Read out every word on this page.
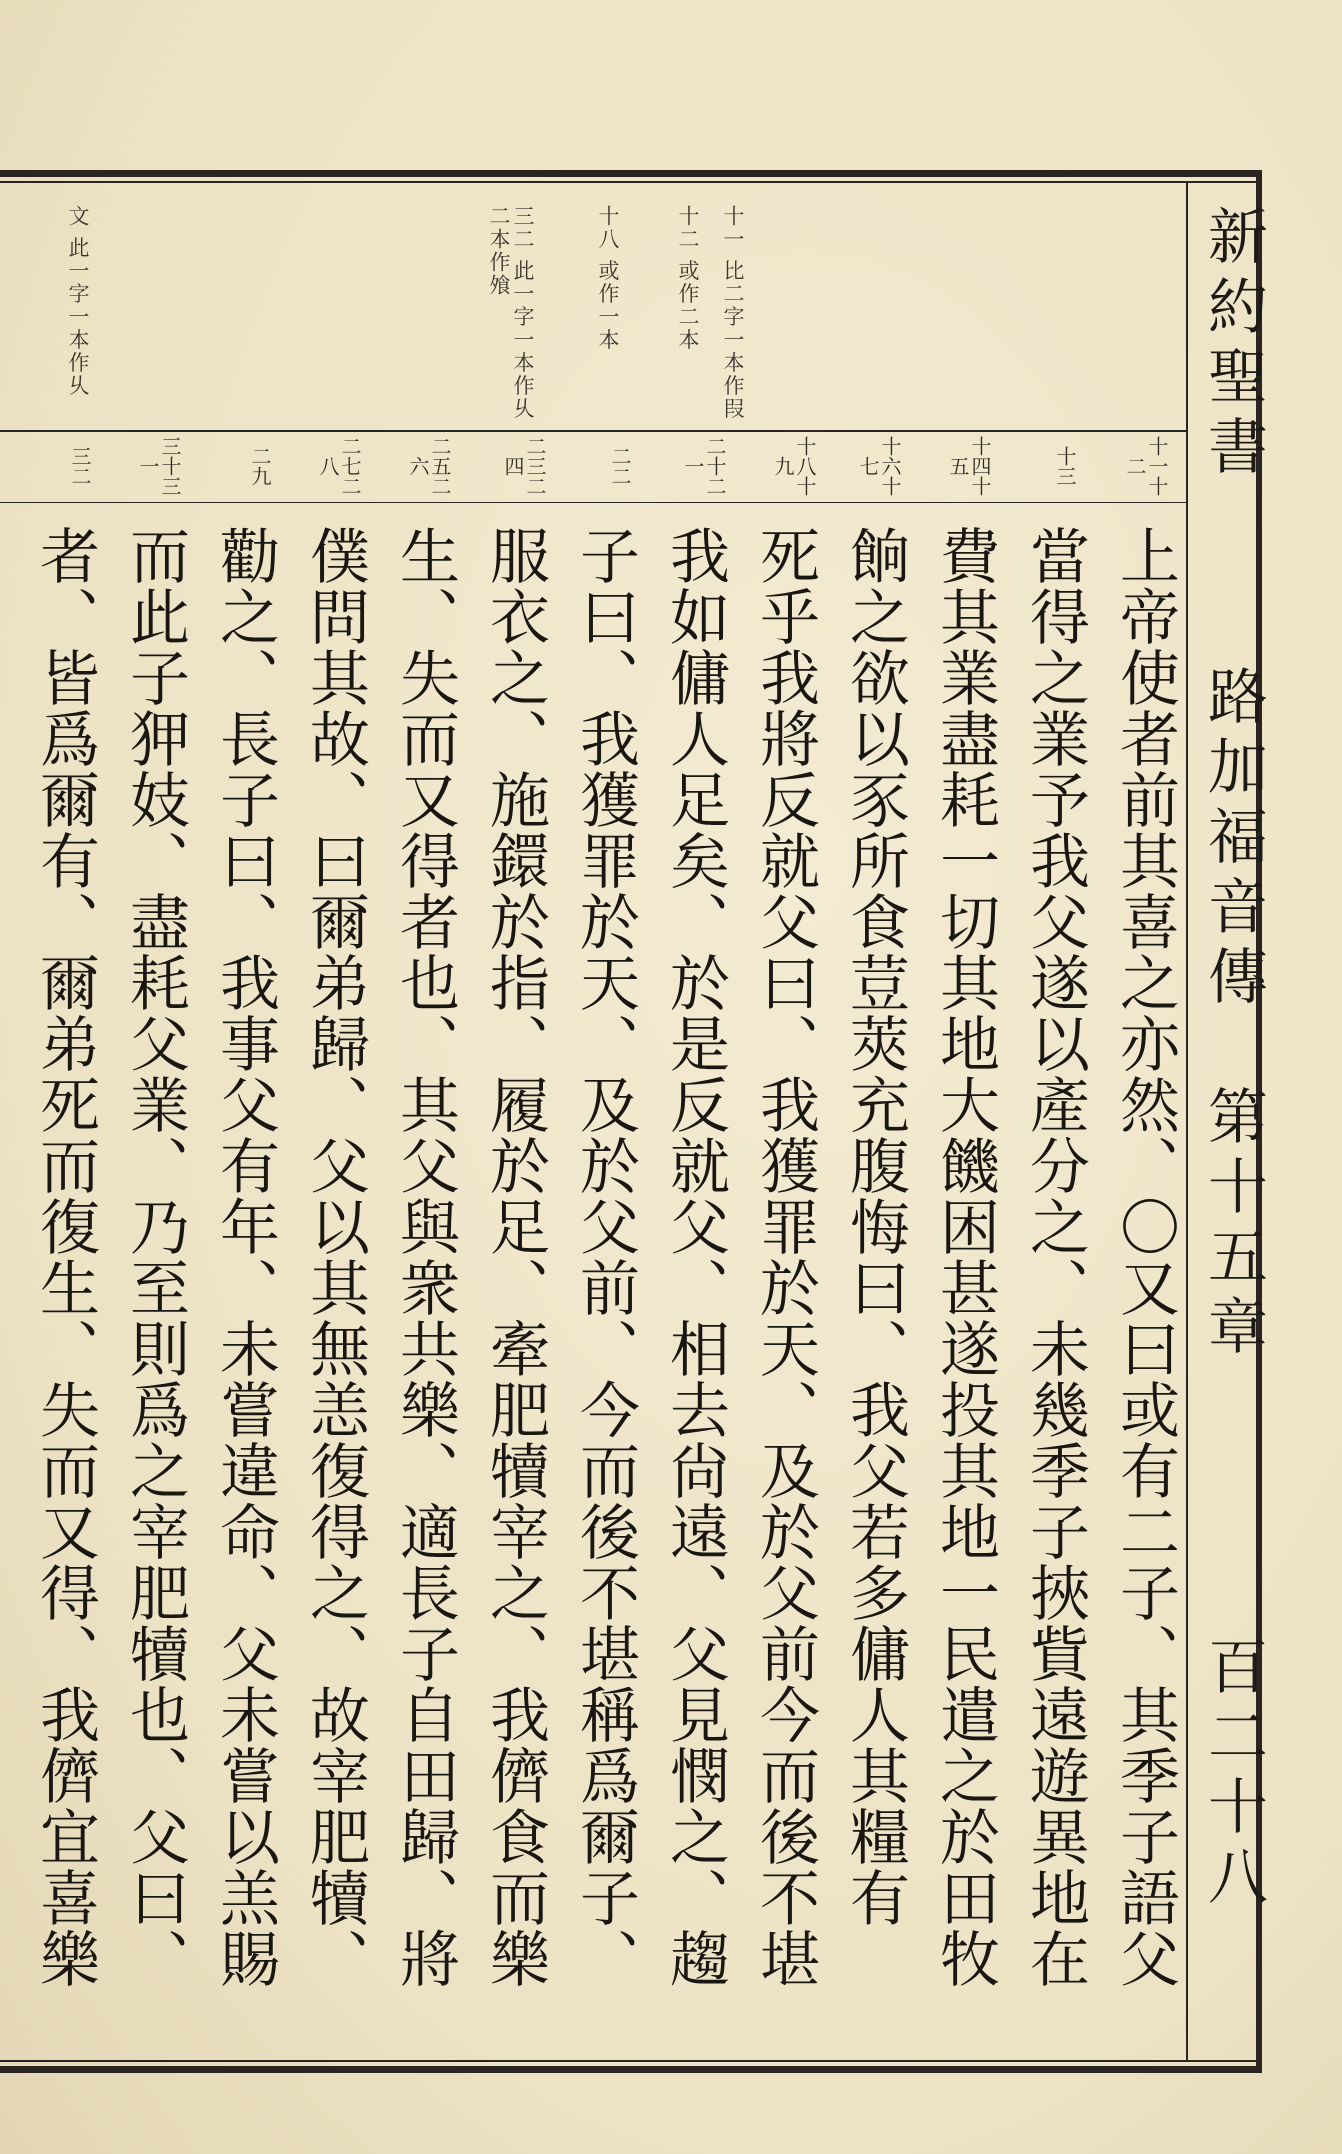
新約聖書
路加福音傳
第十五章
百二十八
十一 比二字一本作叚
十二 或作二本
十八 或作一本
三二 此一字一本作乆二本作飧
文 此一字一本作乆
十一十二
十三
十四十五
十六十七
十八十九
二十二一
二二
二三二四
二五二六
二七二八
二九
三十三一
三二
上帝使者前其喜之亦然、〇又曰或有二子、其季子語父
當得之業予我父遂以產分之、未幾季子挾貲遠遊異地在
費其業盡耗一切其地大饑困甚遂投其地一民遣之於田牧
餉之欲以豕所食荳莢充腹悔曰、我父若多傭人其糧有
死乎我將反就父曰、我獲罪於天、及於父前今而後不堪
我如傭人足矣、於是反就父、相去尙遠、父見憫之、趨
子曰、我獲罪於天、及於父前、今而後不堪稱爲爾子、
服衣之、施鐶於指、履於足、牽肥犢宰之、我儕食而樂
生、失而又得者也、其父與衆共樂、適長子自田歸、將
僕問其故、曰爾弟歸、父以其無恙復得之、故宰肥犢、
勸之、長子曰、我事父有年、未嘗違命、父未嘗以羔賜
而此子狎妓、盡耗父業、乃至則爲之宰肥犢也、父曰、
者、皆爲爾有、爾弟死而復生、失而又得、我儕宜喜樂
